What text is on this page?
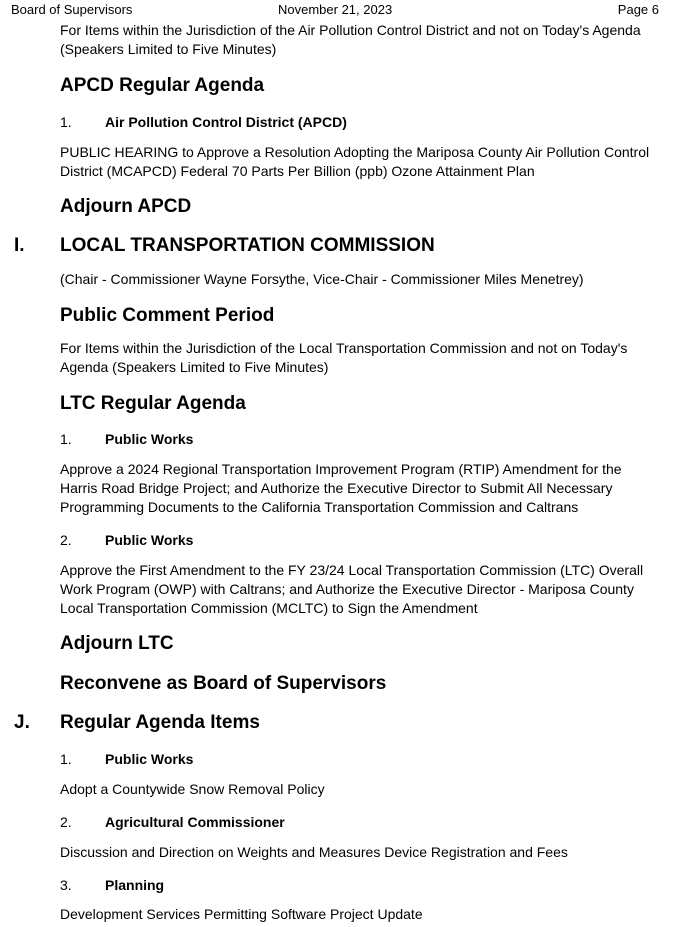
Board of Supervisors	November 21, 2023	Page 6
For Items within the Jurisdiction of the Air Pollution Control District and not on Today's Agenda (Speakers Limited to Five Minutes)
APCD Regular Agenda
1. Air Pollution Control District (APCD)
PUBLIC HEARING to Approve a Resolution Adopting the Mariposa County Air Pollution Control District (MCAPCD) Federal 70 Parts Per Billion (ppb) Ozone Attainment Plan
Adjourn APCD
I. LOCAL TRANSPORTATION COMMISSION
(Chair - Commissioner Wayne Forsythe, Vice-Chair - Commissioner Miles Menetrey)
Public Comment Period
For Items within the Jurisdiction of the Local Transportation Commission and not on Today's Agenda (Speakers Limited to Five Minutes)
LTC Regular Agenda
1. Public Works
Approve a 2024 Regional Transportation Improvement Program (RTIP) Amendment for the Harris Road Bridge Project; and Authorize the Executive Director to Submit All Necessary Programming Documents to the California Transportation Commission and Caltrans
2. Public Works
Approve the First Amendment to the FY 23/24 Local Transportation Commission (LTC) Overall Work Program (OWP) with Caltrans; and Authorize the Executive Director - Mariposa County Local Transportation Commission (MCLTC) to Sign the Amendment
Adjourn LTC
Reconvene as Board of Supervisors
J. Regular Agenda Items
1. Public Works
Adopt a Countywide Snow Removal Policy
2. Agricultural Commissioner
Discussion and Direction on Weights and Measures Device Registration and Fees
3. Planning
Development Services Permitting Software Project Update
